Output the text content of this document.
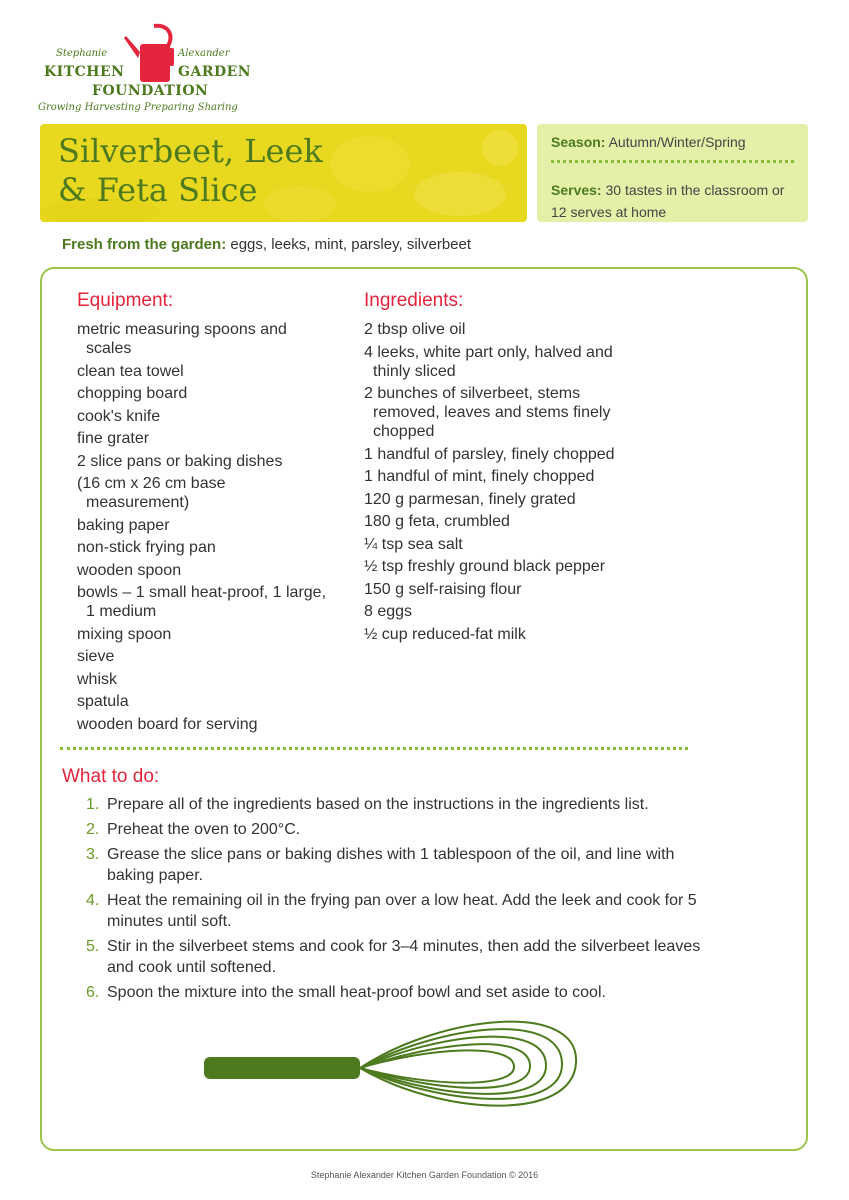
Stephanie	Alexander
KITCHEN	GARDEN
FOUNDATION
Growing Harvesting Preparing Sharing
Silverbeet, Leek
& Feta Slice
Season: Autumn/Winter/Spring
Serves: 30 tastes in the classroom or 12 serves at home
Fresh from the garden: eggs, leeks, mint, parsley, silverbeet
Equipment:
metric measuring spoons and scales
clean tea towel
chopping board
cook's knife
fine grater
2 slice pans or baking dishes
(16 cm x 26 cm base measurement)
baking paper
non-stick frying pan
wooden spoon
bowls – 1 small heat-proof, 1 large, 1 medium
mixing spoon
sieve
whisk
spatula
wooden board for serving
Ingredients:
2 tbsp olive oil
4 leeks, white part only, halved and thinly sliced
2 bunches of silverbeet, stems removed, leaves and stems finely chopped
1 handful of parsley, finely chopped
1 handful of mint, finely chopped
120 g parmesan, finely grated
180 g feta, crumbled
¼ tsp sea salt
½ tsp freshly ground black pepper
150 g self-raising flour
8 eggs
½ cup reduced-fat milk
What to do:
1. Prepare all of the ingredients based on the instructions in the ingredients list.
2. Preheat the oven to 200°C.
3. Grease the slice pans or baking dishes with 1 tablespoon of the oil, and line with baking paper.
4. Heat the remaining oil in the frying pan over a low heat. Add the leek and cook for 5 minutes until soft.
5. Stir in the silverbeet stems and cook for 3–4 minutes, then add the silverbeet leaves and cook until softened.
6. Spoon the mixture into the small heat-proof bowl and set aside to cool.
Stephanie Alexander Kitchen Garden Foundation © 2016
